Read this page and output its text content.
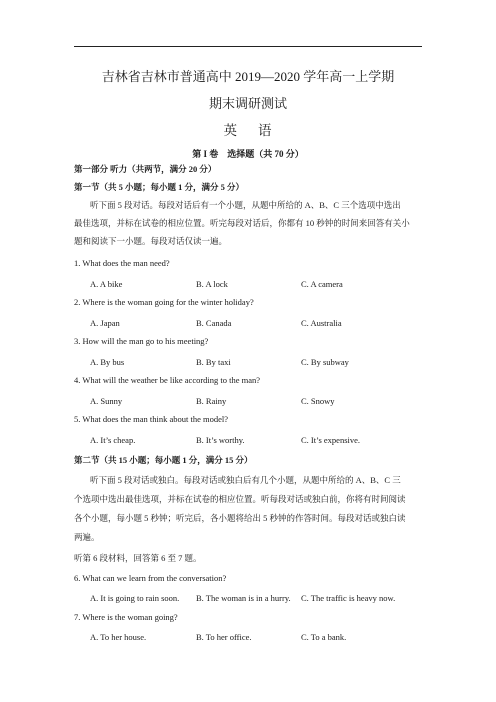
吉林省吉林市普通高中 2019—2020 学年高一上学期
期末调研测试
英 语
第 I 卷　选择题（共 70 分）
第一部分 听力（共两节，满分 20 分）
第一节（共 5 小题；每小题 1 分，满分 5 分）
听下面 5 段对话。每段对话后有一个小题，从题中所给的 A、B、C 三个选项中选出
最佳选项，并标在试卷的相应位置。听完每段对话后，你都有 10 秒钟的时间来回答有关小
题和阅读下一小题。每段对话仅读一遍。
1. What does the man need?
A. A bike	B. A lock	C. A camera
2. Where is the woman going for the winter holiday?
A. Japan	B. Canada	C. Australia
3. How will the man go to his meeting?
A. By bus	B. By taxi	C. By subway
4. What will the weather be like according to the man?
A. Sunny	B. Rainy	C. Snowy
5. What does the man think about the model?
A. It’s cheap.	B. It’s worthy.	C. It’s expensive.
第二节（共 15 小题；每小题 1 分，满分 15 分）
听下面 5 段对话或独白。每段对话或独白后有几个小题，从题中所给的 A、B、C 三
个选项中选出最佳选项，并标在试卷的相应位置。听每段对话或独白前，你将有时间阅读
各个小题，每小题 5 秒钟；听完后，各小题将给出 5 秒钟的作答时间。每段对话或独白读
两遍。
听第 6 段材料，回答第 6 至 7 题。
6. What can we learn from the conversation?
A. It is going to rain soon. B. The woman is in a hurry. C. The traffic is heavy now.
7. Where is the woman going?
A. To her house.	B. To her office.	C. To a bank.
